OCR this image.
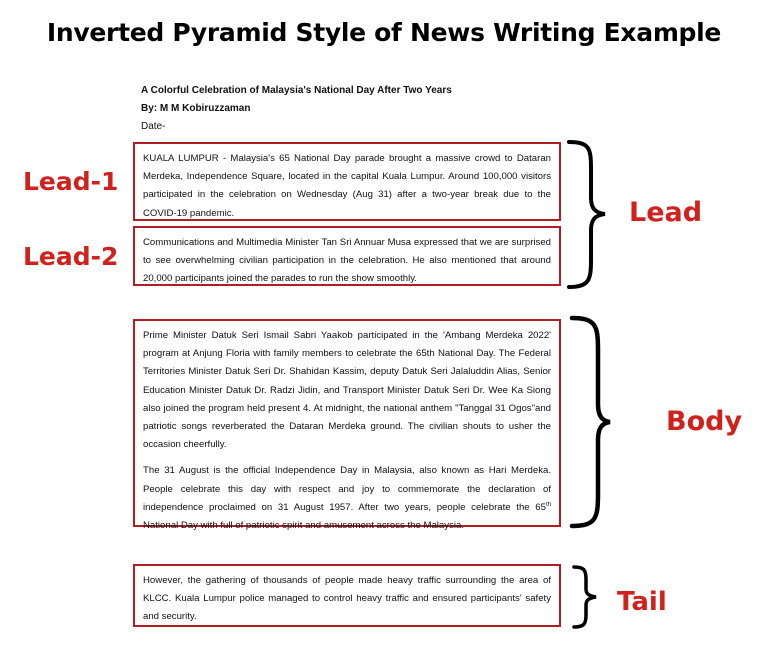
Inverted Pyramid Style of News Writing Example
A Colorful Celebration of Malaysia's National Day After Two Years
By: M M Kobiruzzaman
Date-

KUALA LUMPUR - Malaysia's 65 National Day parade brought a massive crowd to Dataran Merdeka, Independence Square, located in the capital Kuala Lumpur. Around 100,000 visitors participated in the celebration on Wednesday (Aug 31) after a two-year break due to the COVID-19 pandemic.

Lead-1

Communications and Multimedia Minister Tan Sri Annuar Musa expressed that we are surprised to see overwhelming civilian participation in the celebration. He also mentioned that around 20,000 participants joined the parades to run the show smoothly.

Lead-2
Lead

Prime Minister Datuk Seri Ismail Sabri Yaakob participated in the 'Ambang Merdeka 2022' program at Anjung Floria with family members to celebrate the 65th National Day. The Federal Territories Minister Datuk Seri Dr. Shahidan Kassim, deputy Datuk Seri Jalaluddin Alias, Senior Education Minister Datuk Dr. Radzi Jidin, and Transport Minister Datuk Seri Dr. Wee Ka Siong also joined the program held present 4. At midnight, the national anthem "Tanggal 31 Ogos"and patriotic songs reverberated the Dataran Merdeka ground. The civilian shouts to usher the occasion cheerfully.

The 31 August is the official Independence Day in Malaysia, also known as Hari Merdeka. People celebrate this day with respect and joy to commemorate the declaration of independence proclaimed on 31 August 1957. After two years, people celebrate the 65th National Day with full of patriotic spirit and amusement across the Malaysia.

Body

However, the gathering of thousands of people made heavy traffic surrounding the area of KLCC. Kuala Lumpur police managed to control heavy traffic and ensured participants' safety and security.	Tail
